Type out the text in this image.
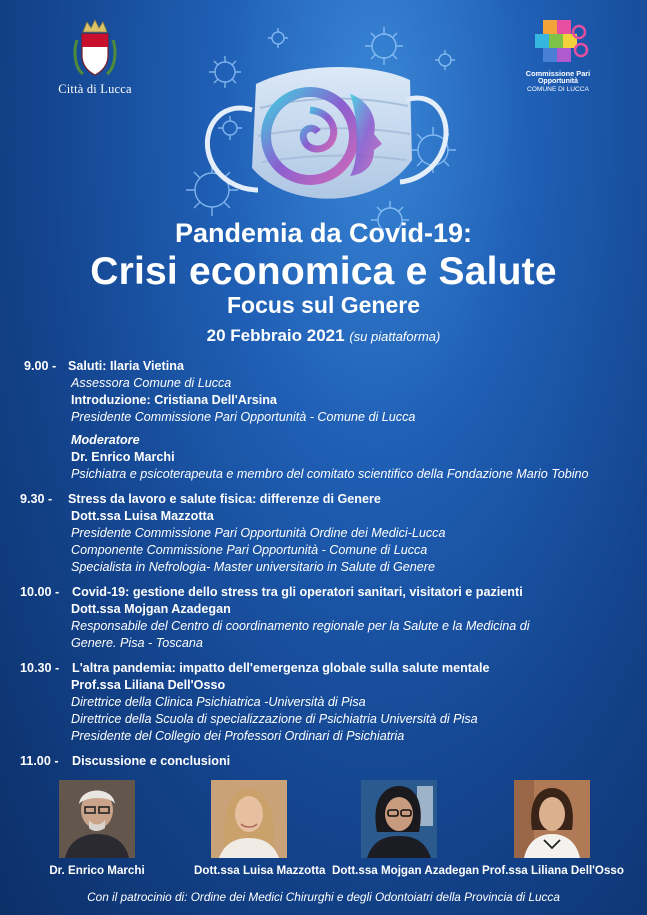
Città di Lucca
Commissione Pari
Opportunità
COMUNE DI LUCCA
Pandemia da Covid-19:
Crisi economica e Salute
Focus sul Genere
20 Febbraio 2021 (su piattaforma)
9.00 - Saluti: Ilaria Vietina
Assessora Comune di Lucca
Introduzione: Cristiana Dell'Arsina
Presidente Commissione Pari Opportunità - Comune di Lucca
Moderatore
Dr. Enrico Marchi
Psichiatra e psicoterapeuta e membro del comitato scientifico della Fondazione Mario Tobino
9.30 -	Stress da lavoro e salute fisica: differenze di Genere
Dott.ssa Luisa Mazzotta
Presidente Commissione Pari Opportunità Ordine dei Medici-Lucca
Componente Commissione Pari Opportunità - Comune di Lucca
Specialista in Nefrologia- Master universitario in Salute di Genere
10.00 -	Covid-19: gestione dello stress tra gli operatori sanitari, visitatori e pazienti
Dott.ssa Mojgan Azadegan
Responsabile del Centro di coordinamento regionale per la Salute e la Medicina di
Genere. Pisa - Toscana
10.30 -	L'altra pandemia: impatto dell'emergenza globale sulla salute mentale
Prof.ssa Liliana Dell'Osso
Direttrice della Clinica Psichiatrica -Università di Pisa
Direttrice della Scuola di specializzazione di Psichiatria Università di Pisa
Presidente del Collegio dei Professori Ordinari di Psichiatria
11.00 -	Discussione e conclusioni
Dr. Enrico Marchi	Dott.ssa Luisa Mazzotta Dott.ssa Mojgan Azadegan Prof.ssa Liliana Dell'Osso
Con il patrocinio di: Ordine dei Medici Chirurghi e degli Odontoiatri della Provincia di Lucca
